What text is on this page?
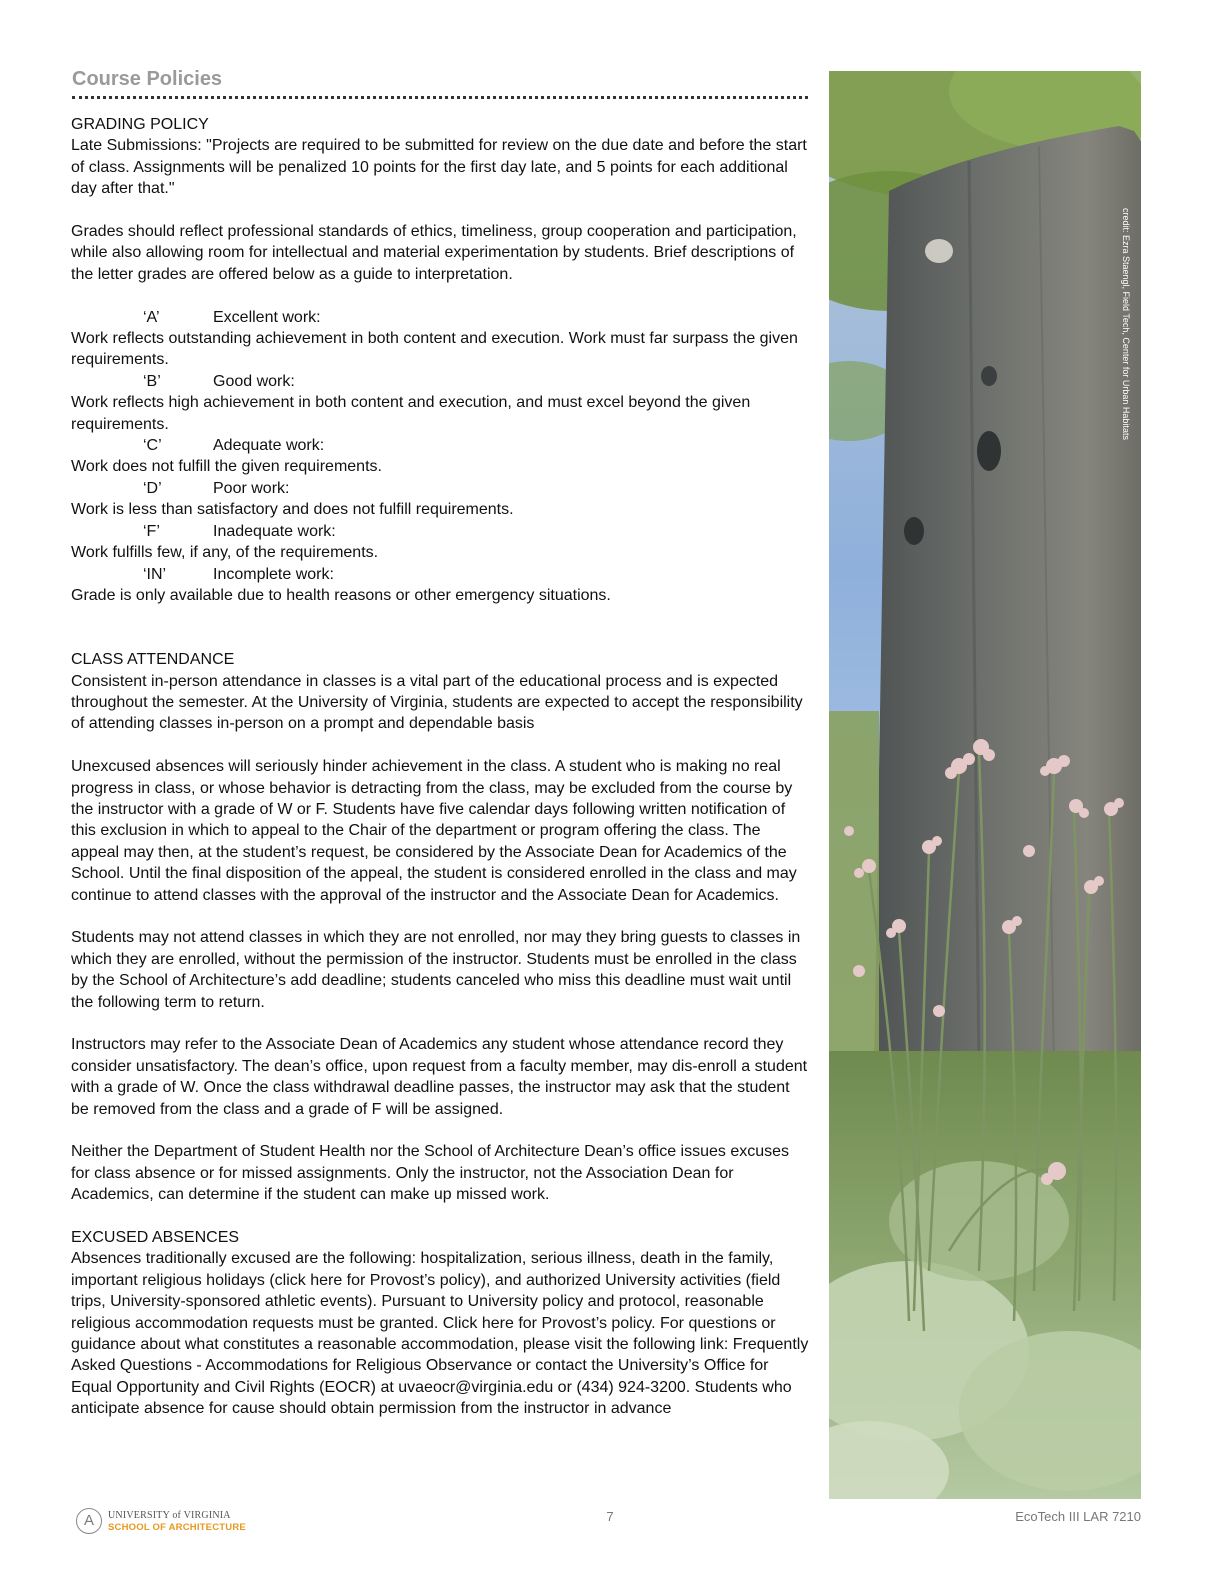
Course Policies

GRADING POLICY

Late Submissions: "Projects are required to be submitted for review on the due date and before the start of class. Assignments will be penalized 10 points for the first day late, and 5 points for each additional day after that."

Grades should reflect professional standards of ethics, timeliness, group cooperation and participation, while also allowing room for intellectual and material experimentation by students. Brief descriptions of the letter grades are offered below as a guide to interpretation.

‘A’	Excellent work:

Work reflects outstanding achievement in both content and execution. Work must far surpass the given requirements.

‘B’	Good work:

Work reflects high achievement in both content and execution, and must excel beyond the given requirements.

‘C’	Adequate work:

Work does not fulfill the given requirements.

‘D’	Poor work:

Work is less than satisfactory and does not fulfill requirements.

‘F’	Inadequate work:

Work fulfills few, if any, of the requirements.

‘IN’	Incomplete work:

Grade is only available due to health reasons or other emergency situations.

CLASS ATTENDANCE

Consistent in-person attendance in classes is a vital part of the educational process and is expected throughout the semester. At the University of Virginia, students are expected to accept the responsibility of attending classes in-person on a prompt and dependable basis

Unexcused absences will seriously hinder achievement in the class. A student who is making no real progress in class, or whose behavior is detracting from the class, may be excluded from the course by the instructor with a grade of W or F. Students have five calendar days following written notification of this exclusion in which to appeal to the Chair of the department or program offering the class. The appeal may then, at the student’s request, be considered by the Associate Dean for Academics of the School. Until the final disposition of the appeal, the student is considered enrolled in the class and may continue to attend classes with the approval of the instructor and the Associate Dean for Academics.

Students may not attend classes in which they are not enrolled, nor may they bring guests to classes in which they are enrolled, without the permission of the instructor. Students must be enrolled in the class by the School of Architecture’s add deadline; students canceled who miss this deadline must wait until the following term to return.

Instructors may refer to the Associate Dean of Academics any student whose attendance record they consider unsatisfactory. The dean’s office, upon request from a faculty member, may dis-enroll a student with a grade of W. Once the class withdrawal deadline passes, the instructor may ask that the student be removed from the class and a grade of F will be assigned.

Neither the Department of Student Health nor the School of Architecture Dean’s office issues excuses for class absence or for missed assignments. Only the instructor, not the Association Dean for Academics, can determine if the student can make up missed work.

EXCUSED ABSENCES

Absences traditionally excused are the following: hospitalization, serious illness, death in the family, important religious holidays (click here for Provost’s policy), and authorized University activities (field trips, University-sponsored athletic events). Pursuant to University policy and protocol, reasonable religious accommodation requests must be granted. Click here for Provost’s policy. For questions or guidance about what constitutes a reasonable accommodation, please visit the following link: Frequently Asked Questions - Accommodations for Religious Observance or contact the University’s Office for Equal Opportunity and Civil Rights (EOCR) at uvaeocr@virginia.edu or (434) 924-3200. Students who anticipate absence for cause should obtain permission from the instructor in advance

credit: Ezra Staengl, Field Tech, Center for Urban Habitats
A	UNIVERSITY of VIRGINIA
SCHOOL OF ARCHITECTURE
7	EcoTech III LAR 7210
